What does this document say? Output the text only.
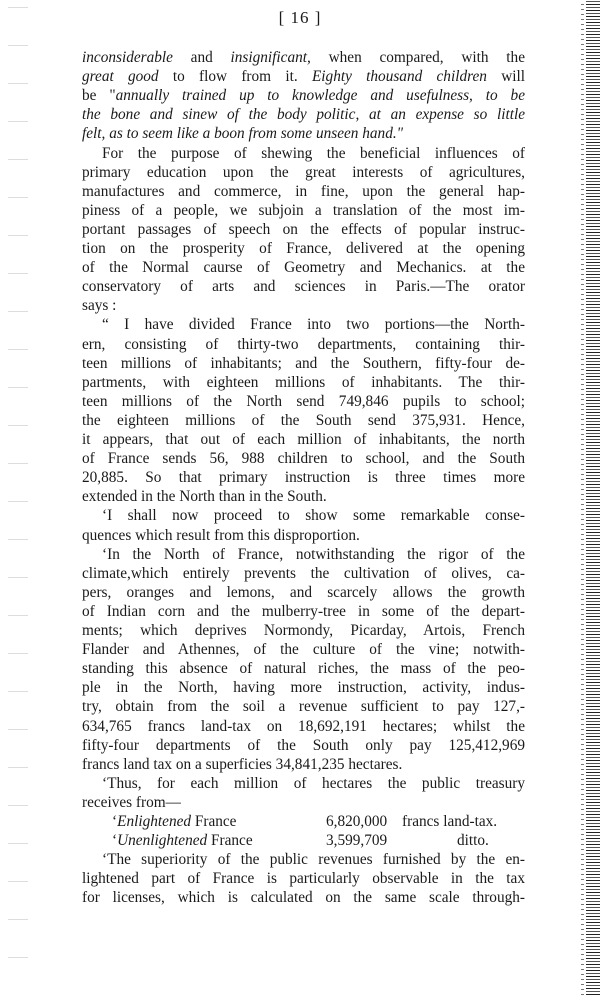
[ 16 ]
inconsiderable and insignificant, when compared, with the
great good to flow from it. Eighty thousand children will
be "annually trained up to knowledge and usefulness, to be
the bone and sinew of the body politic, at an expense so little
felt, as to seem like a boon from some unseen hand."
For the purpose of shewing the beneficial influences of
primary education upon the great interests of agricultures,
manufactures and commerce, in fine, upon the general hap-
piness of a people, we subjoin a translation of the most im-
portant passages of speech on the effects of popular instruc-
tion on the prosperity of France, delivered at the opening
of the Normal caurse of Geometry and Mechanics. at the
conservatory of arts and sciences in Paris.—The orator
says :
“ I have divided France into two portions—the North-
ern, consisting of thirty-two departments, containing thir-
teen millions of inhabitants; and the Southern, fifty-four de-
partments, with eighteen millions of inhabitants. The thir-
teen millions of the North send 749,846 pupils to school;
the eighteen millions of the South send 375,931. Hence,
it appears, that out of each million of inhabitants, the north
of France sends 56, 988 children to school, and the South
20,885. So that primary instruction is three times more
extended in the North than in the South.
‘I shall now proceed to show some remarkable conse-
quences which result from this disproportion.
‘In the North of France, notwithstanding the rigor of the
climate,which entirely prevents the cultivation of olives, ca-
pers, oranges and lemons, and scarcely allows the growth
of Indian corn and the mulberry-tree in some of the depart-
ments; which deprives Normondy, Picarday, Artois, French
Flander and Athennes, of the culture of the vine; notwith-
standing this absence of natural riches, the mass of the peo-
ple in the North, having more instruction, activity, indus-
try, obtain from the soil a revenue sufficient to pay 127,-
634,765 francs land-tax on 18,692,191 hectares; whilst the
fifty-four departments of the South only pay 125,412,969
francs land tax on a superficies 34,841,235 hectares.
‘Thus, for each million of hectares the public treasury
receives from—
‘Enlightened France	6,820,000 francs land-tax.
‘Unenlightened France	3,599,709	ditto.
‘The superiority of the public revenues furnished by the en-
lightened part of France is particularly observable in the tax
for licenses, which is calculated on the same scale through-
